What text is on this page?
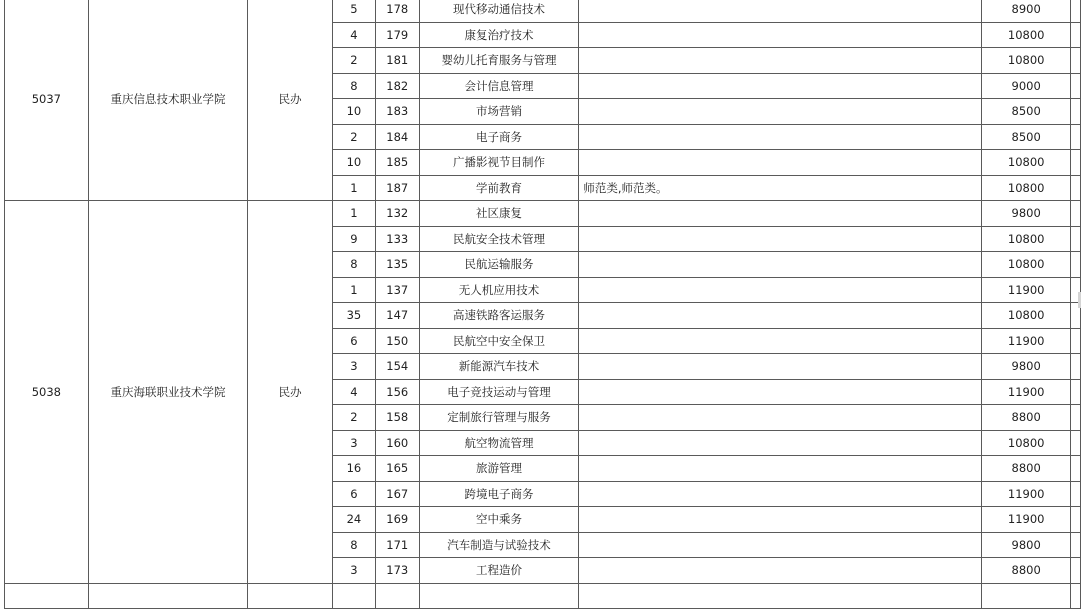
5037	重庆信息技术职业学院	民办	5	178	现代移动通信技术		8900	
			4	179	康复治疗技术		10800	
			2	181	婴幼儿托育服务与管理		10800	
			8	182	会计信息管理		9000	
			10	183	市场营销		8500	
			2	184	电子商务		8500	
			10	185	广播影视节目制作		10800	
			1	187	学前教育	师范类,师范类。	10800	
5038	重庆海联职业技术学院	民办	1	132	社区康复		9800	
			9	133	民航安全技术管理		10800	
			8	135	民航运输服务		10800	
			1	137	无人机应用技术		11900	
			35	147	高速铁路客运服务		10800	
			6	150	民航空中安全保卫		11900	
			3	154	新能源汽车技术		9800	
			4	156	电子竞技运动与管理		11900	
			2	158	定制旅行管理与服务		8800	
			3	160	航空物流管理		10800	
			16	165	旅游管理		8800	
			6	167	跨境电子商务		11900	
			24	169	空中乘务		11900	
			8	171	汽车制造与试验技术		9800	
			3	173	工程造价		8800	
